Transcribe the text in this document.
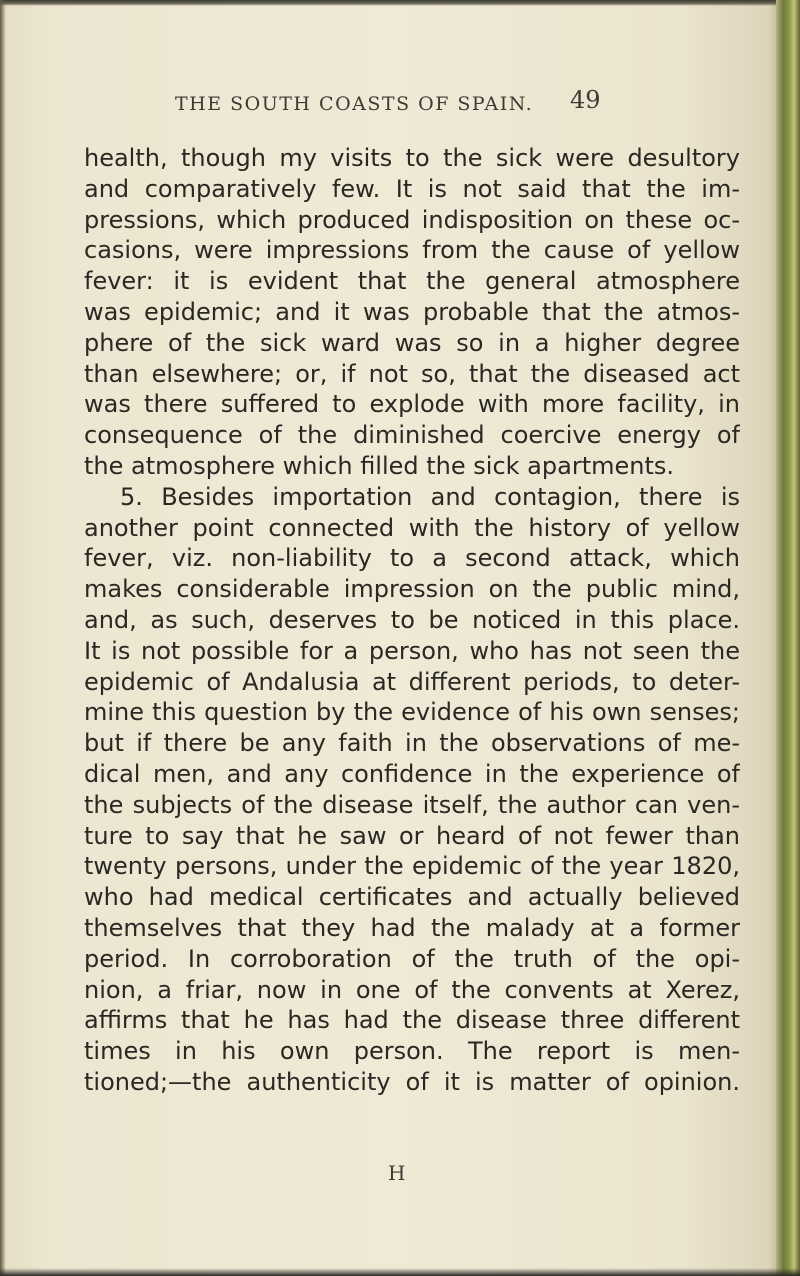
THE SOUTH COASTS OF SPAIN.	49
health, though my visits to the sick were desultory
and comparatively few. It is not said that the im-
pressions, which produced indisposition on these oc-
casions, were impressions from the cause of yellow
fever: it is evident that the general atmosphere
was epidemic; and it was probable that the atmos-
phere of the sick ward was so in a higher degree
than elsewhere; or, if not so, that the diseased act
was there suffered to explode with more facility, in
consequence of the diminished coercive energy of
the atmosphere which filled the sick apartments.
5. Besides importation and contagion, there is
another point connected with the history of yellow
fever, viz. non-liability to a second attack, which
makes considerable impression on the public mind,
and, as such, deserves to be noticed in this place.
It is not possible for a person, who has not seen the
epidemic of Andalusia at different periods, to deter-
mine this question by the evidence of his own senses;
but if there be any faith in the observations of me-
dical men, and any confidence in the experience of
the subjects of the disease itself, the author can ven-
ture to say that he saw or heard of not fewer than
twenty persons, under the epidemic of the year 1820,
who had medical certificates and actually believed
themselves that they had the malady at a former
period. In corroboration of the truth of the opi-
nion, a friar, now in one of the convents at Xerez,
affirms that he has had the disease three different
times in his own person. The report is men-
tioned;—the authenticity of it is matter of opinion.
H
